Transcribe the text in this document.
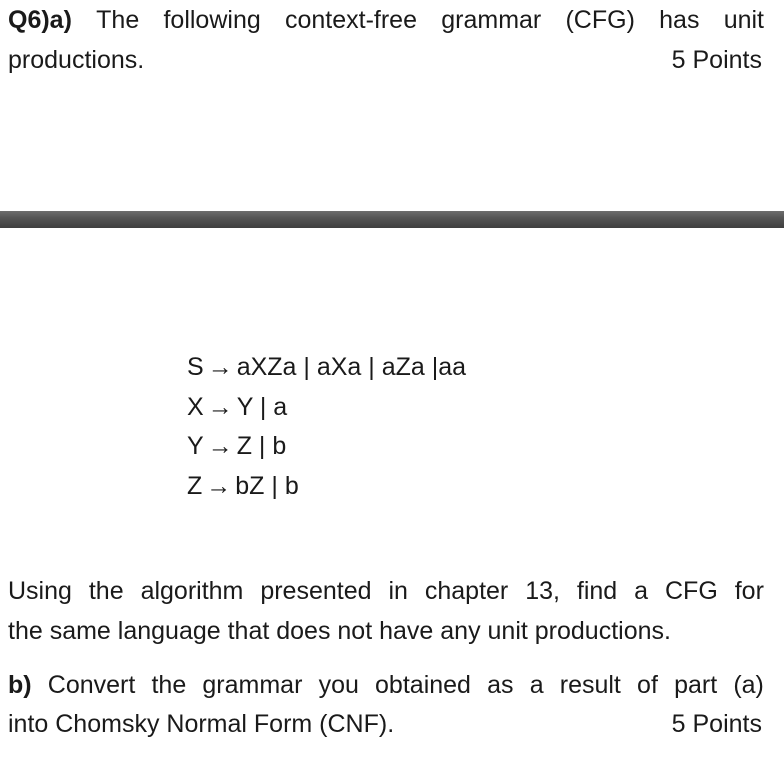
Q6)a) The following context-free grammar (CFG) has unit
productions.	5 Points
S → aXZa | aXa | aZa |aa
X → Y | a
Y → Z | b
Z → bZ | b
Using the algorithm presented in chapter 13, find a CFG for
the same language that does not have any unit productions.
b) Convert the grammar you obtained as a result of part (a)
into Chomsky Normal Form (CNF).	5 Points
